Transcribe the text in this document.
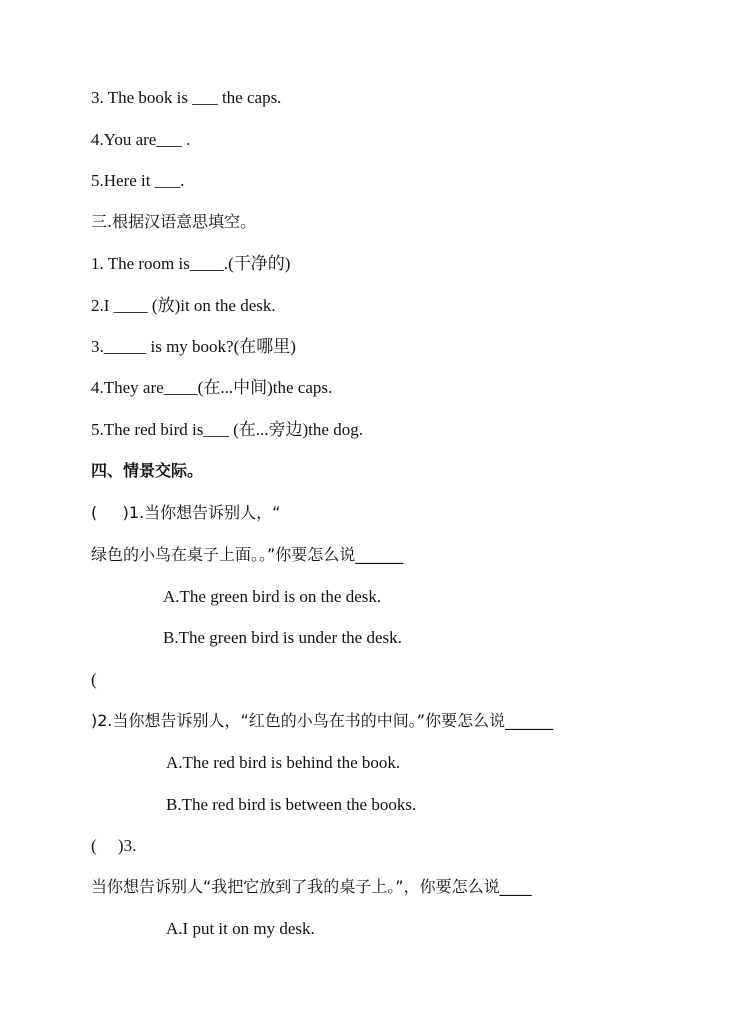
3. The book is ___ the caps.
4.You are___ .
5.Here it ___.
三.根据汉语意思填空。
1. The room is____.(干净的)
2.I ____ (放)it on the desk.
3._____ is my book?(在哪里)
4.They are____(在...中间)the caps.
5.The red bird is___ (在...旁边)the dog.
四、情景交际。
(     )1.当你想告诉别人，“
绿色的小鸟在桌子上面。。”你要怎么说______
A.The green bird is on the desk.
B.The green bird is under the desk.
(
)2.当你想告诉别人，“红色的小鸟在书的中间。”你要怎么说______
A.The red bird is behind the book.
B.The red bird is between the books.
(     )3.
当你想告诉别人“我把它放到了我的桌子上。”，你要怎么说____
A.I put it on my desk.
